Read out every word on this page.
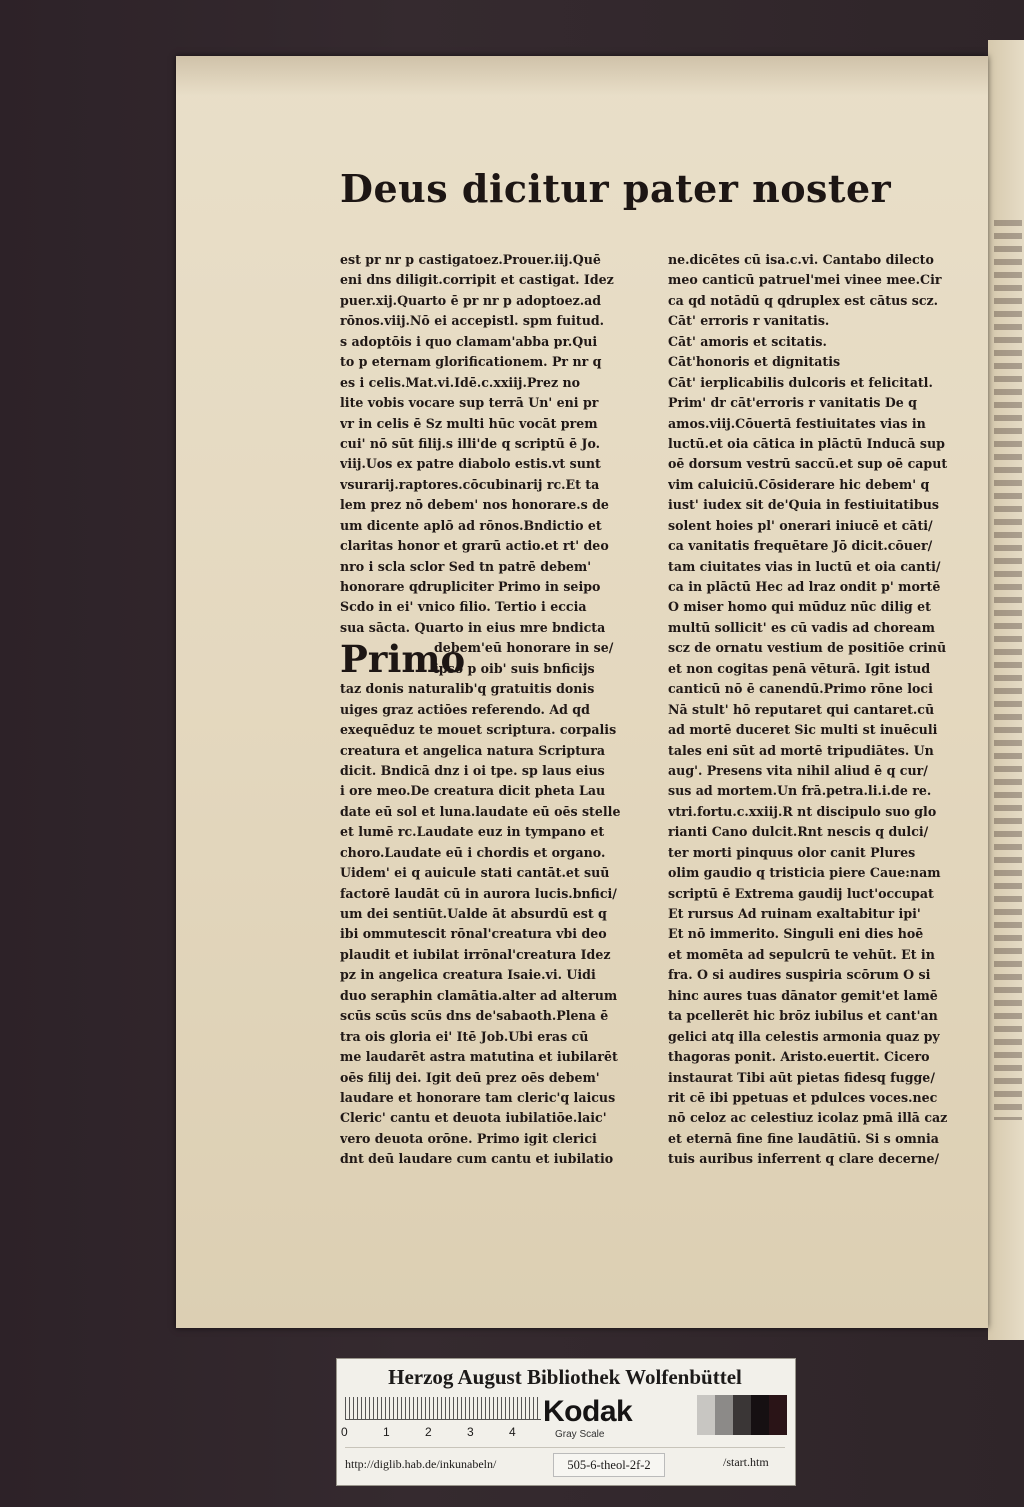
Deus dicitur pater noster
est pr nr p castigatoez.Prouer.iij.Quē
eni dns diligit.corripit et castigat. Idez
puer.xij.Quarto ē pr nr p adoptoez.ad
rōnos.viij.Nō ei accepistl. spm fuitud.
s adoptōis i quo clamam'abba pr.Qui
to p eternam glorificationem. Pr nr q
es i celis.Mat.vi.Idē.c.xxiij.Prez no
lite vobis vocare sup terrā Un' eni pr
vr in celis ē Sz multi hūc vocāt prem
cui' nō sūt filij.s illi'de q scriptū ē Jo.
viij.Uos ex patre diabolo estis.vt sunt
vsurarij.raptores.cōcubinarij rc.Et ta
lem prez nō debem' nos honorare.s de
um dicente aplō ad rōnos.Bndictio et
claritas honor et grarū actio.et rt' deo
nro i scla sclor Sed tn patrē debem'
honorare qdrupliciter Primo in seipo
Scdo in ei' vnico filio. Tertio i eccia
sua sācta. Quarto in eius mre bndicta
Primo
debem'eū honorare in se/
ipso p oib' suis bnficijs
taz donis naturalib'q gratuitis donis
uiges graz actiōes referendo. Ad qd
exequēduz te mouet scriptura. corpalis
creatura et angelica natura Scriptura
dicit. Bndicā dnz i oi tpe. sp laus eius
i ore meo.De creatura dicit pheta Lau
date eū sol et luna.laudate eū oēs stelle
et lumē rc.Laudate euz in tympano et
choro.Laudate eū i chordis et organo.
Uidem' ei q auicule stati cantāt.et suū
factorē laudāt cū in aurora lucis.bnfici/
um dei sentiūt.Ualde āt absurdū est q
ibi ommutescit rōnal'creatura vbi deo
plaudit et iubilat irrōnal'creatura Idez
pz in angelica creatura Isaie.vi. Uidi
duo seraphin clamātia.alter ad alterum
scūs scūs scūs dns de'sabaoth.Plena ē
tra ois gloria ei' Itē Job.Ubi eras cū
me laudarēt astra matutina et iubilarēt
oēs filij dei. Igit deū prez oēs debem'
laudare et honorare tam cleric'q laicus
Cleric' cantu et deuota iubilatiōe.laic'
vero deuota orōne. Primo igit clerici
dnt deū laudare cum cantu et iubilatio
ne.dicētes cū isa.c.vi. Cantabo dilecto
meo canticū patruel'mei vinee mee.Cir
ca qd notādū q qdruplex est cātus scz.
Cāt' erroris r vanitatis.
Cāt' amoris et scitatis.
Cāt'honoris et dignitatis
Cāt' ierplicabilis dulcoris et felicitatl.
Prim' dr cāt'erroris r vanitatis De q
amos.viij.Cōuertā festiuitates vias in
luctū.et oia cātica in plāctū Inducā sup
oē dorsum vestrū saccū.et sup oē caput
vim caluiciū.Cōsiderare hic debem' q
iust' iudex sit de'Quia in festiuitatibus
solent hoies pl' onerari iniucē et cāti/
ca vanitatis frequētare Jō dicit.cōuer/
tam ciuitates vias in luctū et oia canti/
ca in plāctū Hec ad lraz ondit p' mortē
O miser homo qui mūduz nūc dilig et
multū sollicit' es cū vadis ad choream
scz de ornatu vestium de positiōe crinū
et non cogitas penā vēturā. Igit istud
canticū nō ē canendū.Primo rōne loci
Nā stult' hō reputaret qui cantaret.cū
ad mortē duceret Sic multi st inuēculi
tales eni sūt ad mortē tripudiātes. Un
aug'. Presens vita nihil aliud ē q cur/
sus ad mortem.Un frā.petra.li.i.de re.
vtri.fortu.c.xxiij.R nt discipulo suo glo
rianti Cano dulcit.Rnt nescis q dulci/
ter morti pinquus olor canit Plures
olim gaudio q tristicia piere Caue:nam
scriptū ē Extrema gaudij luct'occupat
Et rursus Ad ruinam exaltabitur ipi'
Et nō immerito. Singuli eni dies hoē
et momēta ad sepulcrū te vehūt. Et in
fra. O si audires suspiria scōrum O si
hinc aures tuas dānator gemit'et lamē
ta pcellerēt hic brōz iubilus et cant'an
gelici atq illa celestis armonia quaz py
thagoras ponit. Aristo.euertit. Cicero
instaurat Tibi aūt pietas fidesq fugge/
rit cē ibi ppetuas et pdulces voces.nec
nō celoz ac celestiuz icolaz pmā illā caz
et eternā fine fine laudātiū. Si s omnia
tuis auribus inferrent q clare decerne/
Herzog August Bibliothek Wolfenbüttel
0	1	2	3	4
Kodak
Gray Scale
http://diglib.hab.de/inkunabeln/	505-6-theol-2f-2	/start.htm
